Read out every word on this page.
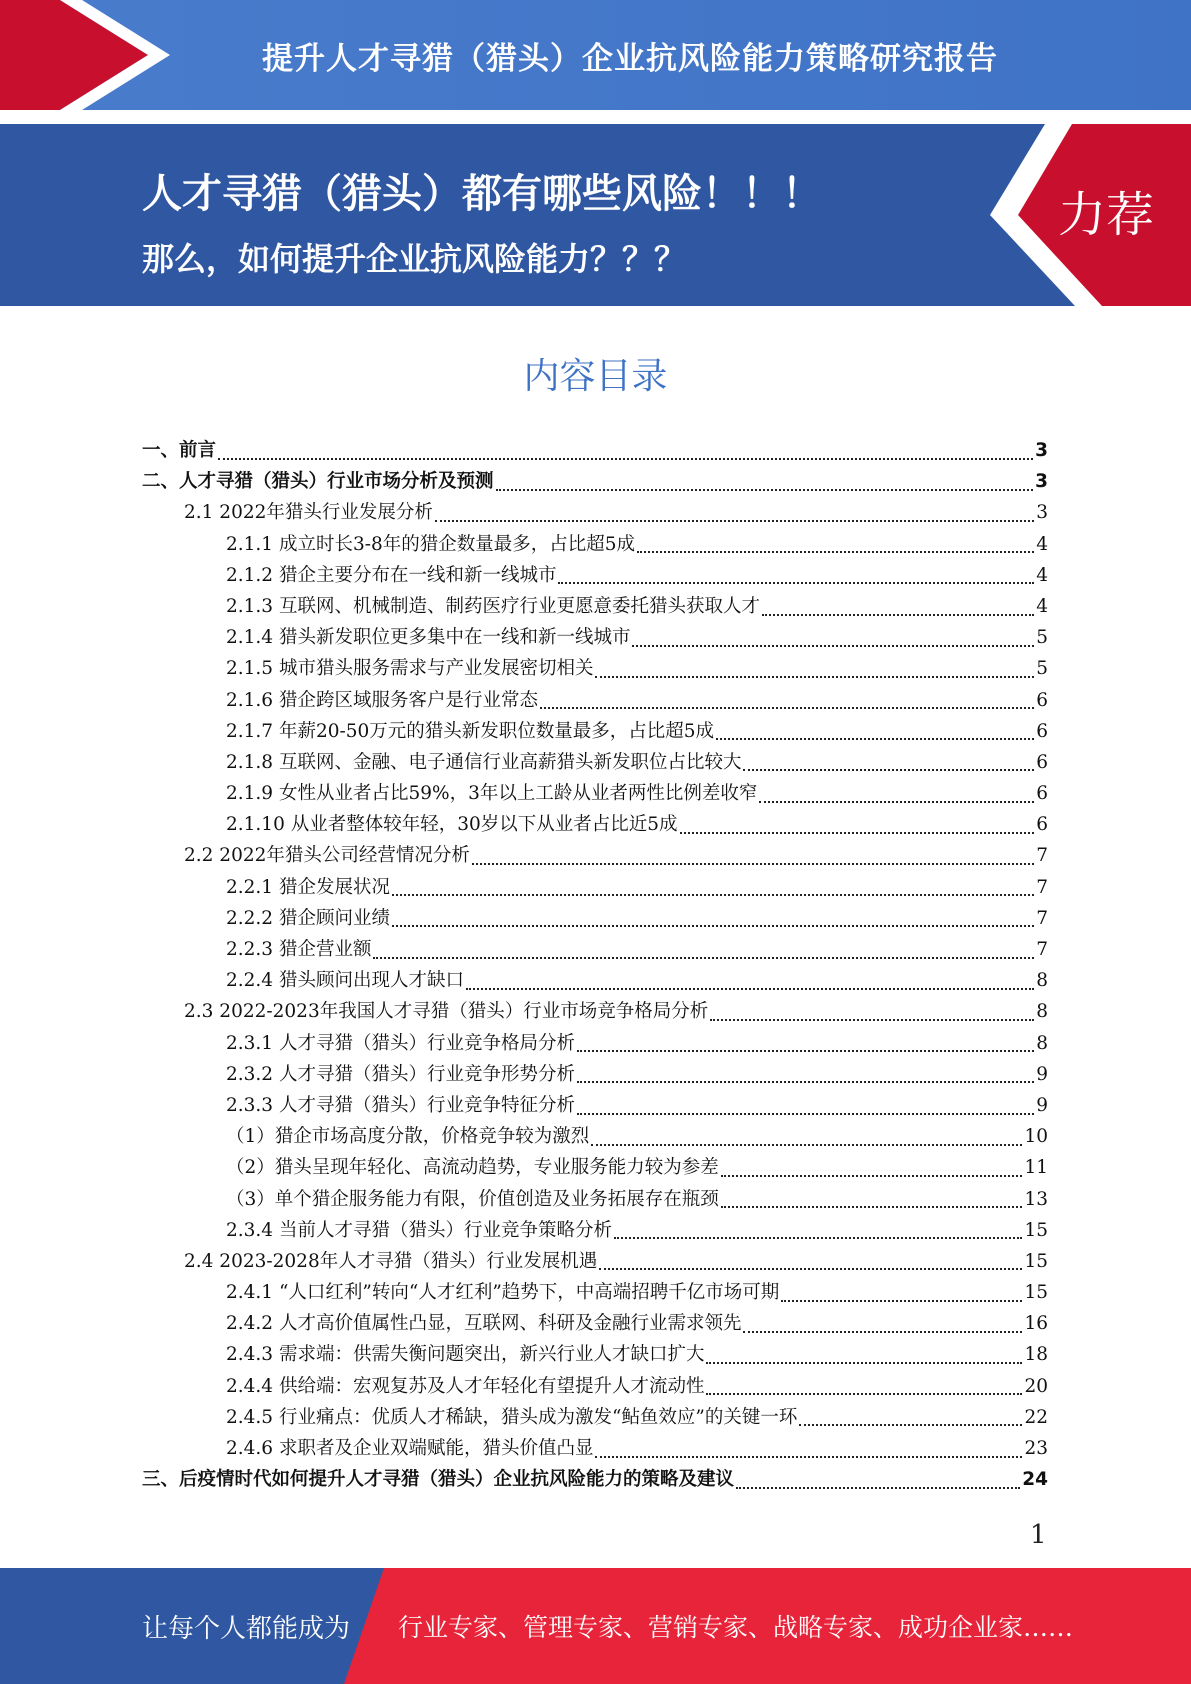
提升人才寻猎（猎头）企业抗风险能力策略研究报告
人才寻猎（猎头）都有哪些风险！！！
那么，如何提升企业抗风险能力？？？
力荐
内容目录
一、前言	3
二、人才寻猎（猎头）行业市场分析及预测	3
2.1 2022年猎头行业发展分析	3
2.1.1 成立时长3-8年的猎企数量最多，占比超5成	4
2.1.2 猎企主要分布在一线和新一线城市	4
2.1.3 互联网、机械制造、制药医疗行业更愿意委托猎头获取人才	4
2.1.4 猎头新发职位更多集中在一线和新一线城市	5
2.1.5 城市猎头服务需求与产业发展密切相关	5
2.1.6 猎企跨区域服务客户是行业常态	6
2.1.7 年薪20-50万元的猎头新发职位数量最多，占比超5成	6
2.1.8 互联网、金融、电子通信行业高薪猎头新发职位占比较大	6
2.1.9 女性从业者占比59%，3年以上工龄从业者两性比例差收窄	6
2.1.10 从业者整体较年轻，30岁以下从业者占比近5成	6
2.2 2022年猎头公司经营情况分析	7
2.2.1 猎企发展状况	7
2.2.2 猎企顾问业绩	7
2.2.3 猎企营业额	7
2.2.4 猎头顾问出现人才缺口	8
2.3 2022-2023年我国人才寻猎（猎头）行业市场竞争格局分析	8
2.3.1 人才寻猎（猎头）行业竞争格局分析	8
2.3.2 人才寻猎（猎头）行业竞争形势分析	9
2.3.3 人才寻猎（猎头）行业竞争特征分析	9
（1）猎企市场高度分散，价格竞争较为激烈	10
（2）猎头呈现年轻化、高流动趋势，专业服务能力较为参差	11
（3）单个猎企服务能力有限，价值创造及业务拓展存在瓶颈	13
2.3.4 当前人才寻猎（猎头）行业竞争策略分析	15
2.4 2023-2028年人才寻猎（猎头）行业发展机遇	15
2.4.1 “人口红利”转向“人才红利”趋势下，中高端招聘千亿市场可期	15
2.4.2 人才高价值属性凸显，互联网、科研及金融行业需求领先	16
2.4.3 需求端：供需失衡问题突出，新兴行业人才缺口扩大	18
2.4.4 供给端：宏观复苏及人才年轻化有望提升人才流动性	20
2.4.5 行业痛点：优质人才稀缺，猎头成为激发“鲇鱼效应”的关键一环	22
2.4.6 求职者及企业双端赋能，猎头价值凸显	23
三、后疫情时代如何提升人才寻猎（猎头）企业抗风险能力的策略及建议	24
1
让每个人都能成为 行业专家、管理专家、营销专家、战略专家、成功企业家……
